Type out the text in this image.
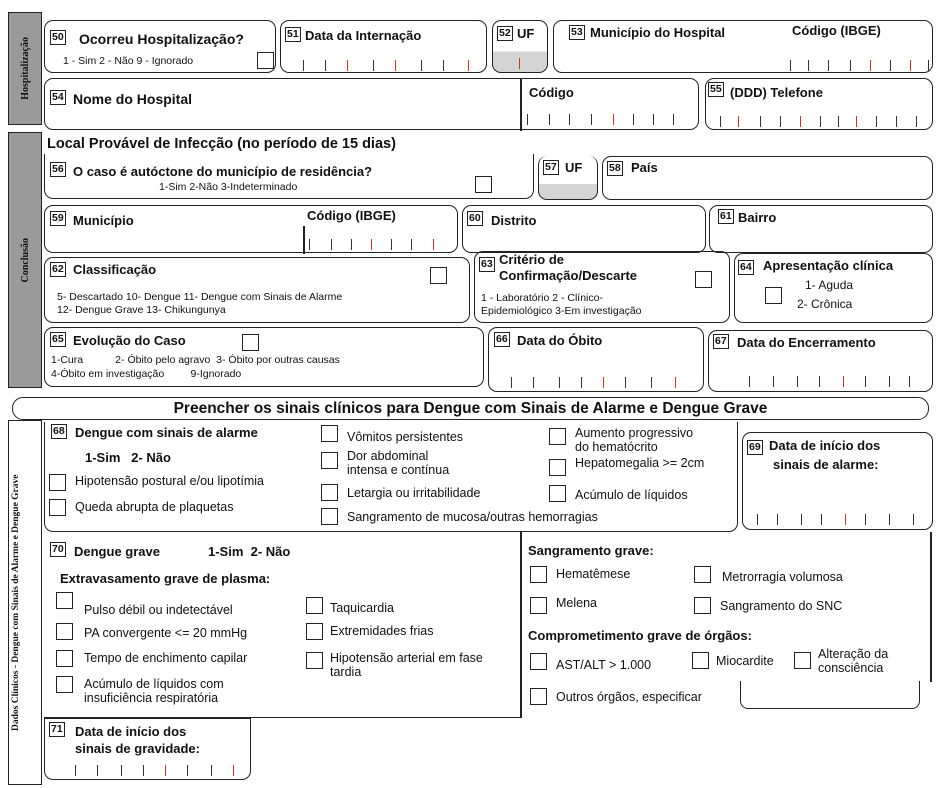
Hospitalização
Conclusão
Dados Clínicos - Dengue com Sinais de Alarme e Dengue Grave
50 Ocorreu Hospitalização?
1 - Sim 2 - Não 9 - Ignorado
51 Data da Internação	52 UF	53 Município do Hospital	Código (IBGE)
54 Nome do Hospital	Código	55 (DDD) Telefone
Local Provável de Infecção (no período de 15 dias)
56 O caso é autóctone do município de residência?
1-Sim 2-Não 3-Indeterminado
57 UF	58 País
59 Município	Código (IBGE)	60 Distrito	61 Bairro
62 Classificação
5- Descartado 10- Dengue 11- Dengue com Sinais de Alarme
12- Dengue Grave 13- Chikungunya
63 Critério de
Confirmação/Descarte
1 - Laboratório 2 - Clínico-
Epidemiológico 3-Em investigação
64 Apresentação clínica
1- Aguda
2- Crônica
65 Evolução do Caso
1-Cura           2- Óbito pelo agravo  3- Óbito por outras causas
4-Óbito em investigação         9-Ignorado
66 Data do Óbito	67 Data do Encerramento
Preencher os sinais clínicos para Dengue com Sinais de Alarme e Dengue Grave
68 Dengue com sinais de alarme
1-Sim   2- Não
Hipotensão postural e/ou lipotímia
Queda abrupta de plaquetas
Vômitos persistentes
Dor abdominal
intensa e contínua
Letargia ou irritabilidade
Sangramento de mucosa/outras hemorragias
Aumento progressivo
do hematócrito
Hepatomegalia >= 2cm
Acúmulo de líquidos
69 Data de início dos
sinais de alarme:
70 Dengue grave	1-Sim  2- Não
Extravasamento grave de plasma:
Pulso débil ou indetectável
PA convergente <= 20 mmHg
Tempo de enchimento capilar
Acúmulo de líquidos com
insuficiência respiratória
Taquicardia
Extremidades frias
Hipotensão arterial em fase
tardia
Sangramento grave:
Hematêmese
Melena
Metrorragia volumosa
Sangramento do SNC
Comprometimento grave de órgãos:
AST/ALT > 1.000	Miocardite	Alteração da
consciência
Outros órgãos, especificar
71 Data de início dos
sinais de gravidade:
